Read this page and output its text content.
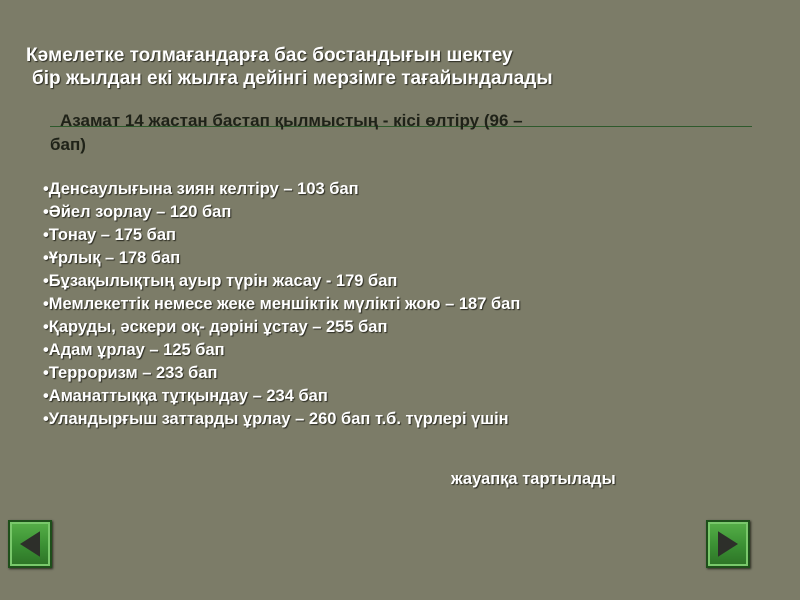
Кәмелетке толмағандарға бас бостандығын шектеу
бір жылдан екі жылға дейінгі мерзімге тағайындалады

Азамат 14 жастан бастап қылмыстың - кісі өлтіру (96 –
бап)

• Денсаулығына зиян келтіру – 103 бап
• Әйел зорлау – 120 бап
• Тонау – 175 бап
• Ұрлық – 178 бап
• Бұзақылықтың ауыр түрін жасау - 179 бап
• Мемлекеттік немесе жеке меншіктік мүлікті жою – 187 бап
• Қаруды, әскери оқ- дәріні ұстау – 255 бап
• Адам ұрлау – 125 бап
• Терроризм – 233 бап
• Аманаттыққа тұтқындау – 234 бап
• Уландырғыш заттарды ұрлау – 260 бап т.б. түрлері үшін

жауапқа тартылады
